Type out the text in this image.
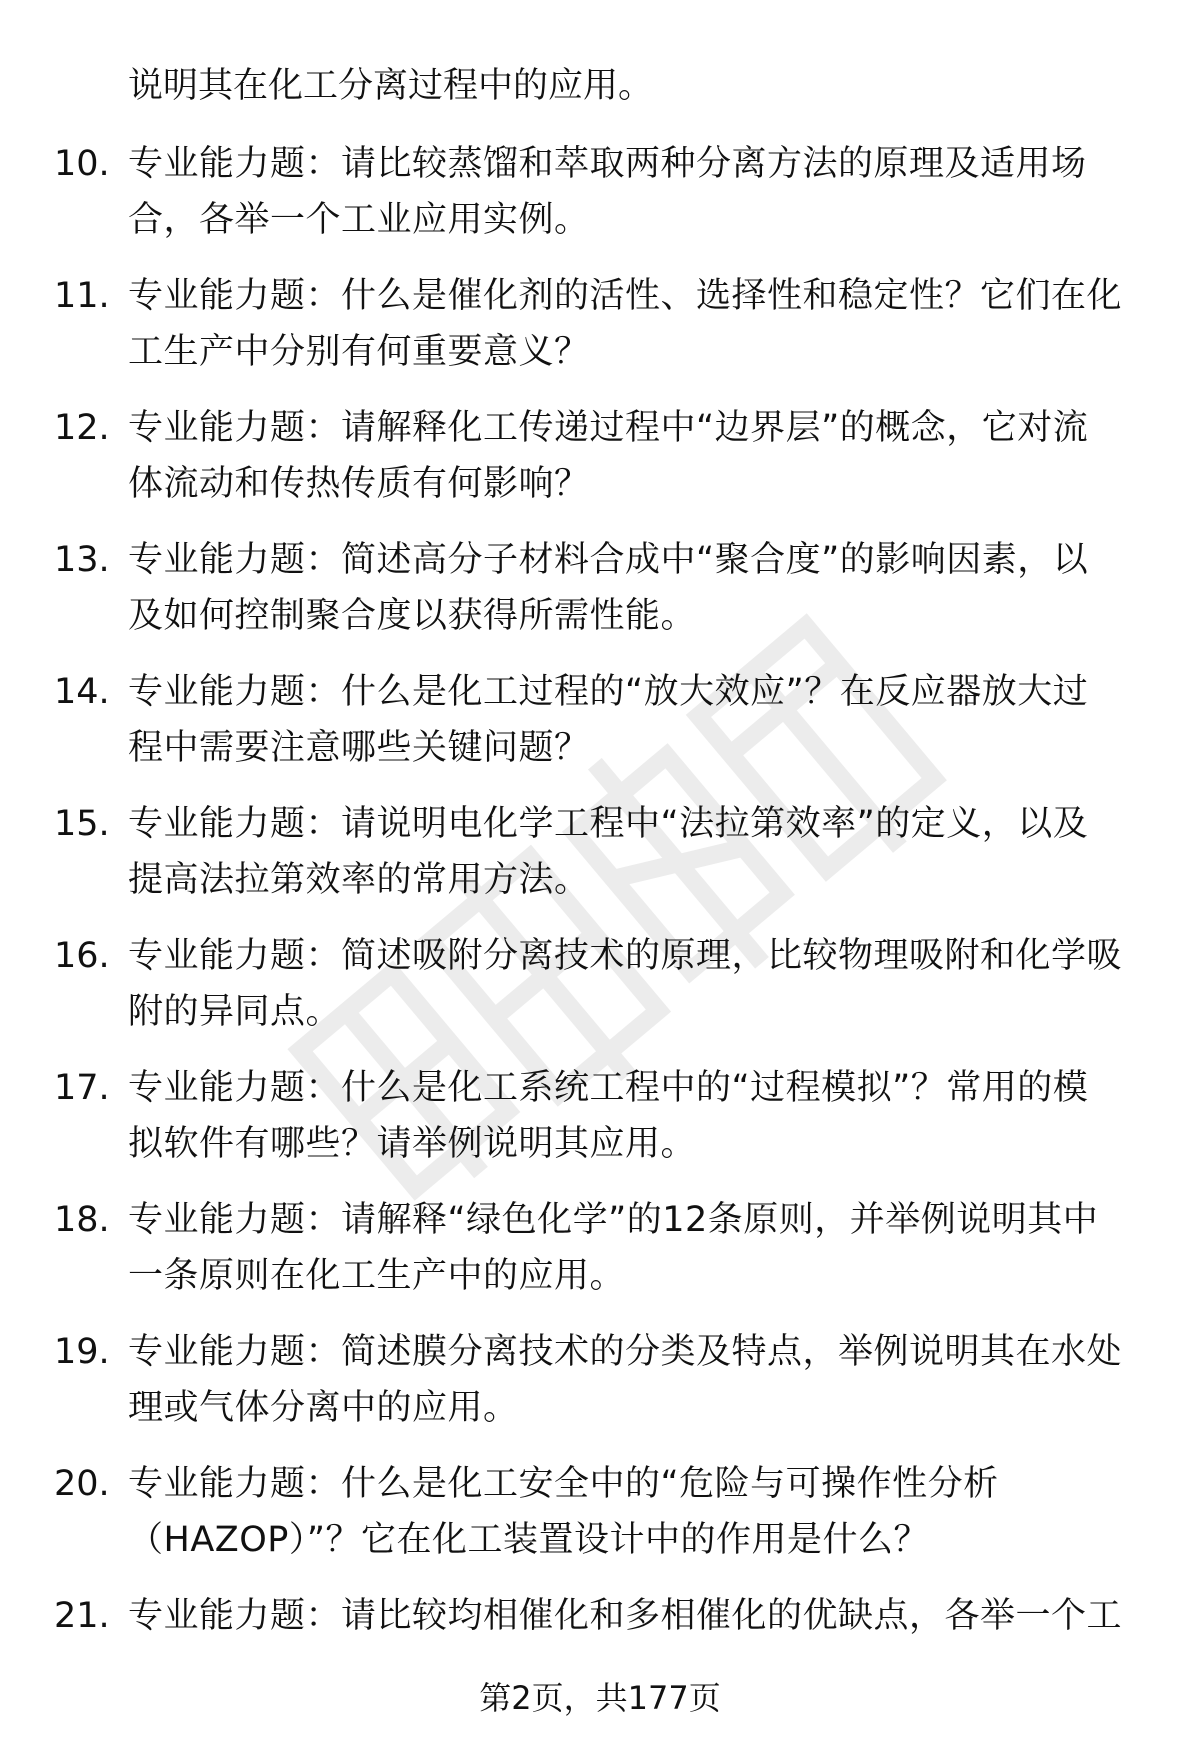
说明其在化工分离过程中的应用。

10. 专业能力题：请比较蒸馏和萃取两种分离方法的原理及适用场
合，各举一个工业应用实例。
11. 专业能力题：什么是催化剂的活性、选择性和稳定性？它们在化
工生产中分别有何重要意义？
12. 专业能力题：请解释化工传递过程中“边界层”的概念，它对流
体流动和传热传质有何影响？
13. 专业能力题：简述高分子材料合成中“聚合度”的影响因素，以
及如何控制聚合度以获得所需性能。
14. 专业能力题：什么是化工过程的“放大效应”？在反应器放大过
程中需要注意哪些关键问题？
15. 专业能力题：请说明电化学工程中“法拉第效率”的定义，以及
提高法拉第效率的常用方法。
16. 专业能力题：简述吸附分离技术的原理，比较物理吸附和化学吸
附的异同点。
17. 专业能力题：什么是化工系统工程中的“过程模拟”？常用的模
拟软件有哪些？请举例说明其应用。
18. 专业能力题：请解释“绿色化学”的12条原则，并举例说明其中
一条原则在化工生产中的应用。
19. 专业能力题：简述膜分离技术的分类及特点，举例说明其在水处
理或气体分离中的应用。
20. 专业能力题：什么是化工安全中的“危险与可操作性分析
（HAZOP）”？它在化工装置设计中的作用是什么？
21. 专业能力题：请比较均相催化和多相催化的优缺点，各举一个工
第2页，共177页
